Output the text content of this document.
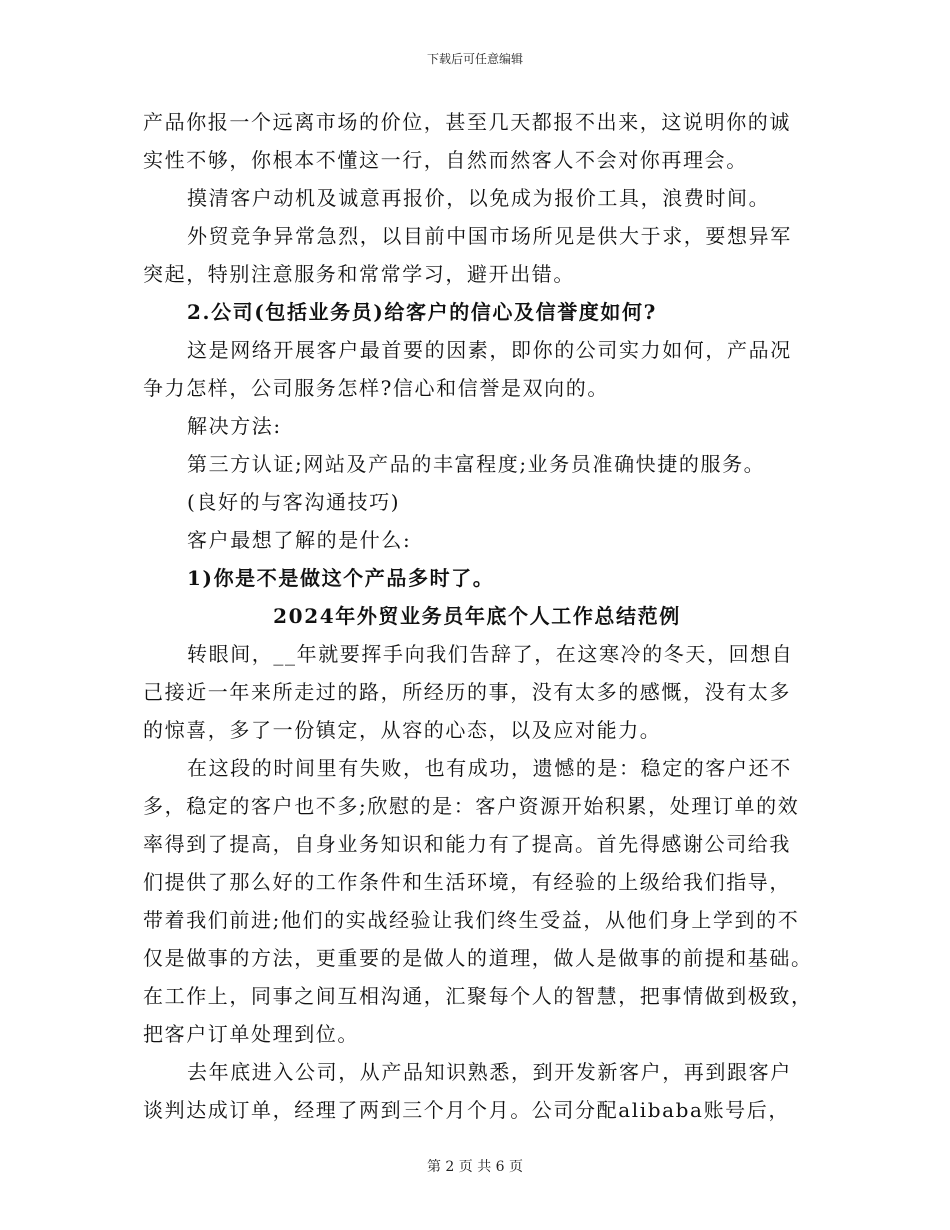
下载后可任意编辑

产品你报一个远离市场的价位，甚至几天都报不出来，这说明你的诚

实性不够，你根本不懂这一行，自然而然客人不会对你再理会。

摸清客户动机及诚意再报价，以免成为报价工具，浪费时间。

外贸竞争异常急烈，以目前中国市场所见是供大于求，要想异军

突起，特别注意服务和常常学习，避开出错。

2.公司(包括业务员)给客户的信心及信誉度如何?

这是网络开展客户最首要的因素，即你的公司实力如何，产品况

争力怎样，公司服务怎样?信心和信誉是双向的。

解决方法:

第三方认证;网站及产品的丰富程度;业务员准确快捷的服务。

(良好的与客沟通技巧)

客户最想了解的是什么:

1)你是不是做这个产品多时了。

2024年外贸业务员年底个人工作总结范例

转眼间，__年就要挥手向我们告辞了，在这寒冷的冬天，回想自

己接近一年来所走过的路，所经历的事，没有太多的感慨，没有太多

的惊喜，多了一份镇定，从容的心态，以及应对能力。

在这段的时间里有失败，也有成功，遗憾的是：稳定的客户还不

多，稳定的客户也不多;欣慰的是：客户资源开始积累，处理订单的效

率得到了提高，自身业务知识和能力有了提高。首先得感谢公司给我

们提供了那么好的工作条件和生活环境，有经验的上级给我们指导，

带着我们前进;他们的实战经验让我们终生受益，从他们身上学到的不

仅是做事的方法，更重要的是做人的道理，做人是做事的前提和基础。

在工作上，同事之间互相沟通，汇聚每个人的智慧，把事情做到极致，

把客户订单处理到位。

去年底进入公司，从产品知识熟悉，到开发新客户，再到跟客户

谈判达成订单，经理了两到三个月个月。公司分配alibaba账号后，

第 2 页 共 6 页
